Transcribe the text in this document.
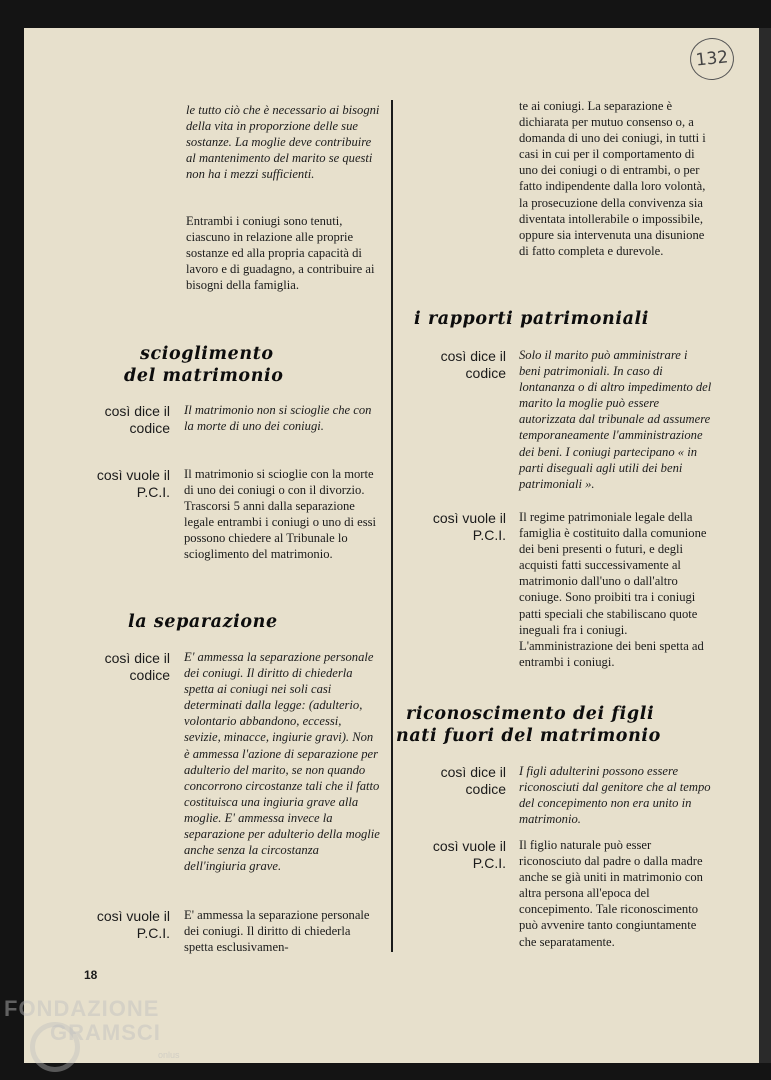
132

le tutto ciò che è necessario ai bisogni della vita in proporzione delle sue sostanze. La moglie deve contribuire al mantenimento del marito se questi non ha i mezzi sufficienti.

Entrambi i coniugi sono tenuti, ciascuno in relazione alle proprie sostanze ed alla propria capacità di lavoro e di guadagno, a contribuire ai bisogni della famiglia.

scioglimento

del matrimonio

così dice il codice

Il matrimonio non si scioglie che con la morte di uno dei coniugi.

così vuole il P.C.I.

Il matrimonio si scioglie con la morte di uno dei coniugi o con il divorzio. Trascorsi 5 anni dalla separazione legale entrambi i coniugi o uno di essi possono chiedere al Tribunale lo scioglimento del matrimonio.

la separazione

così dice il codice

E' ammessa la separazione personale dei coniugi. Il diritto di chiederla spetta ai coniugi nei soli casi determinati dalla legge: (adulterio, volontario abbandono, eccessi, sevizie, minacce, ingiurie gravi). Non è ammessa l'azione di separazione per adulterio del marito, se non quando concorrono circostanze tali che il fatto costituisca una ingiuria grave alla moglie. E' ammessa invece la separazione per adulterio della moglie anche senza la circostanza dell'ingiuria grave.

così vuole il P.C.I.

E' ammessa la separazione personale dei coniugi. Il diritto di chiederla spetta esclusivamen-

te ai coniugi. La separazione è dichiarata per mutuo consenso o, a domanda di uno dei coniugi, in tutti i casi in cui per il comportamento di uno dei coniugi o di entrambi, o per fatto indipendente dalla loro volontà, la prosecuzione della convivenza sia diventata intollerabile o impossibile, oppure sia intervenuta una disunione di fatto completa e durevole.

i rapporti patrimoniali

così dice il codice

Solo il marito può amministrare i beni patrimoniali. In caso di lontananza o di altro impedimento del marito la moglie può essere autorizzata dal tribunale ad assumere temporaneamente l'amministrazione dei beni. I coniugi partecipano « in parti diseguali agli utili dei beni patrimoniali ».

così vuole il P.C.I.

Il regime patrimoniale legale della famiglia è costituito dalla comunione dei beni presenti o futuri, e degli acquisti fatti successivamente al matrimonio dall'uno o dall'altro coniuge. Sono proibiti tra i coniugi patti speciali che stabiliscano quote ineguali fra i coniugi. L'amministrazione dei beni spetta ad entrambi i coniugi.

riconoscimento dei figli

nati fuori del matrimonio

così dice il codice

I figli adulterini possono essere riconosciuti dal genitore che al tempo del concepimento non era unito in matrimonio.

così vuole il P.C.I.

Il figlio naturale può esser riconosciuto dal padre o dalla madre anche se già uniti in matrimonio con altra persona all'epoca del concepimento. Tale riconoscimento può avvenire tanto congiuntamente che separatamente.

18
FONDAZIONE
GRAMSCI
onlus
